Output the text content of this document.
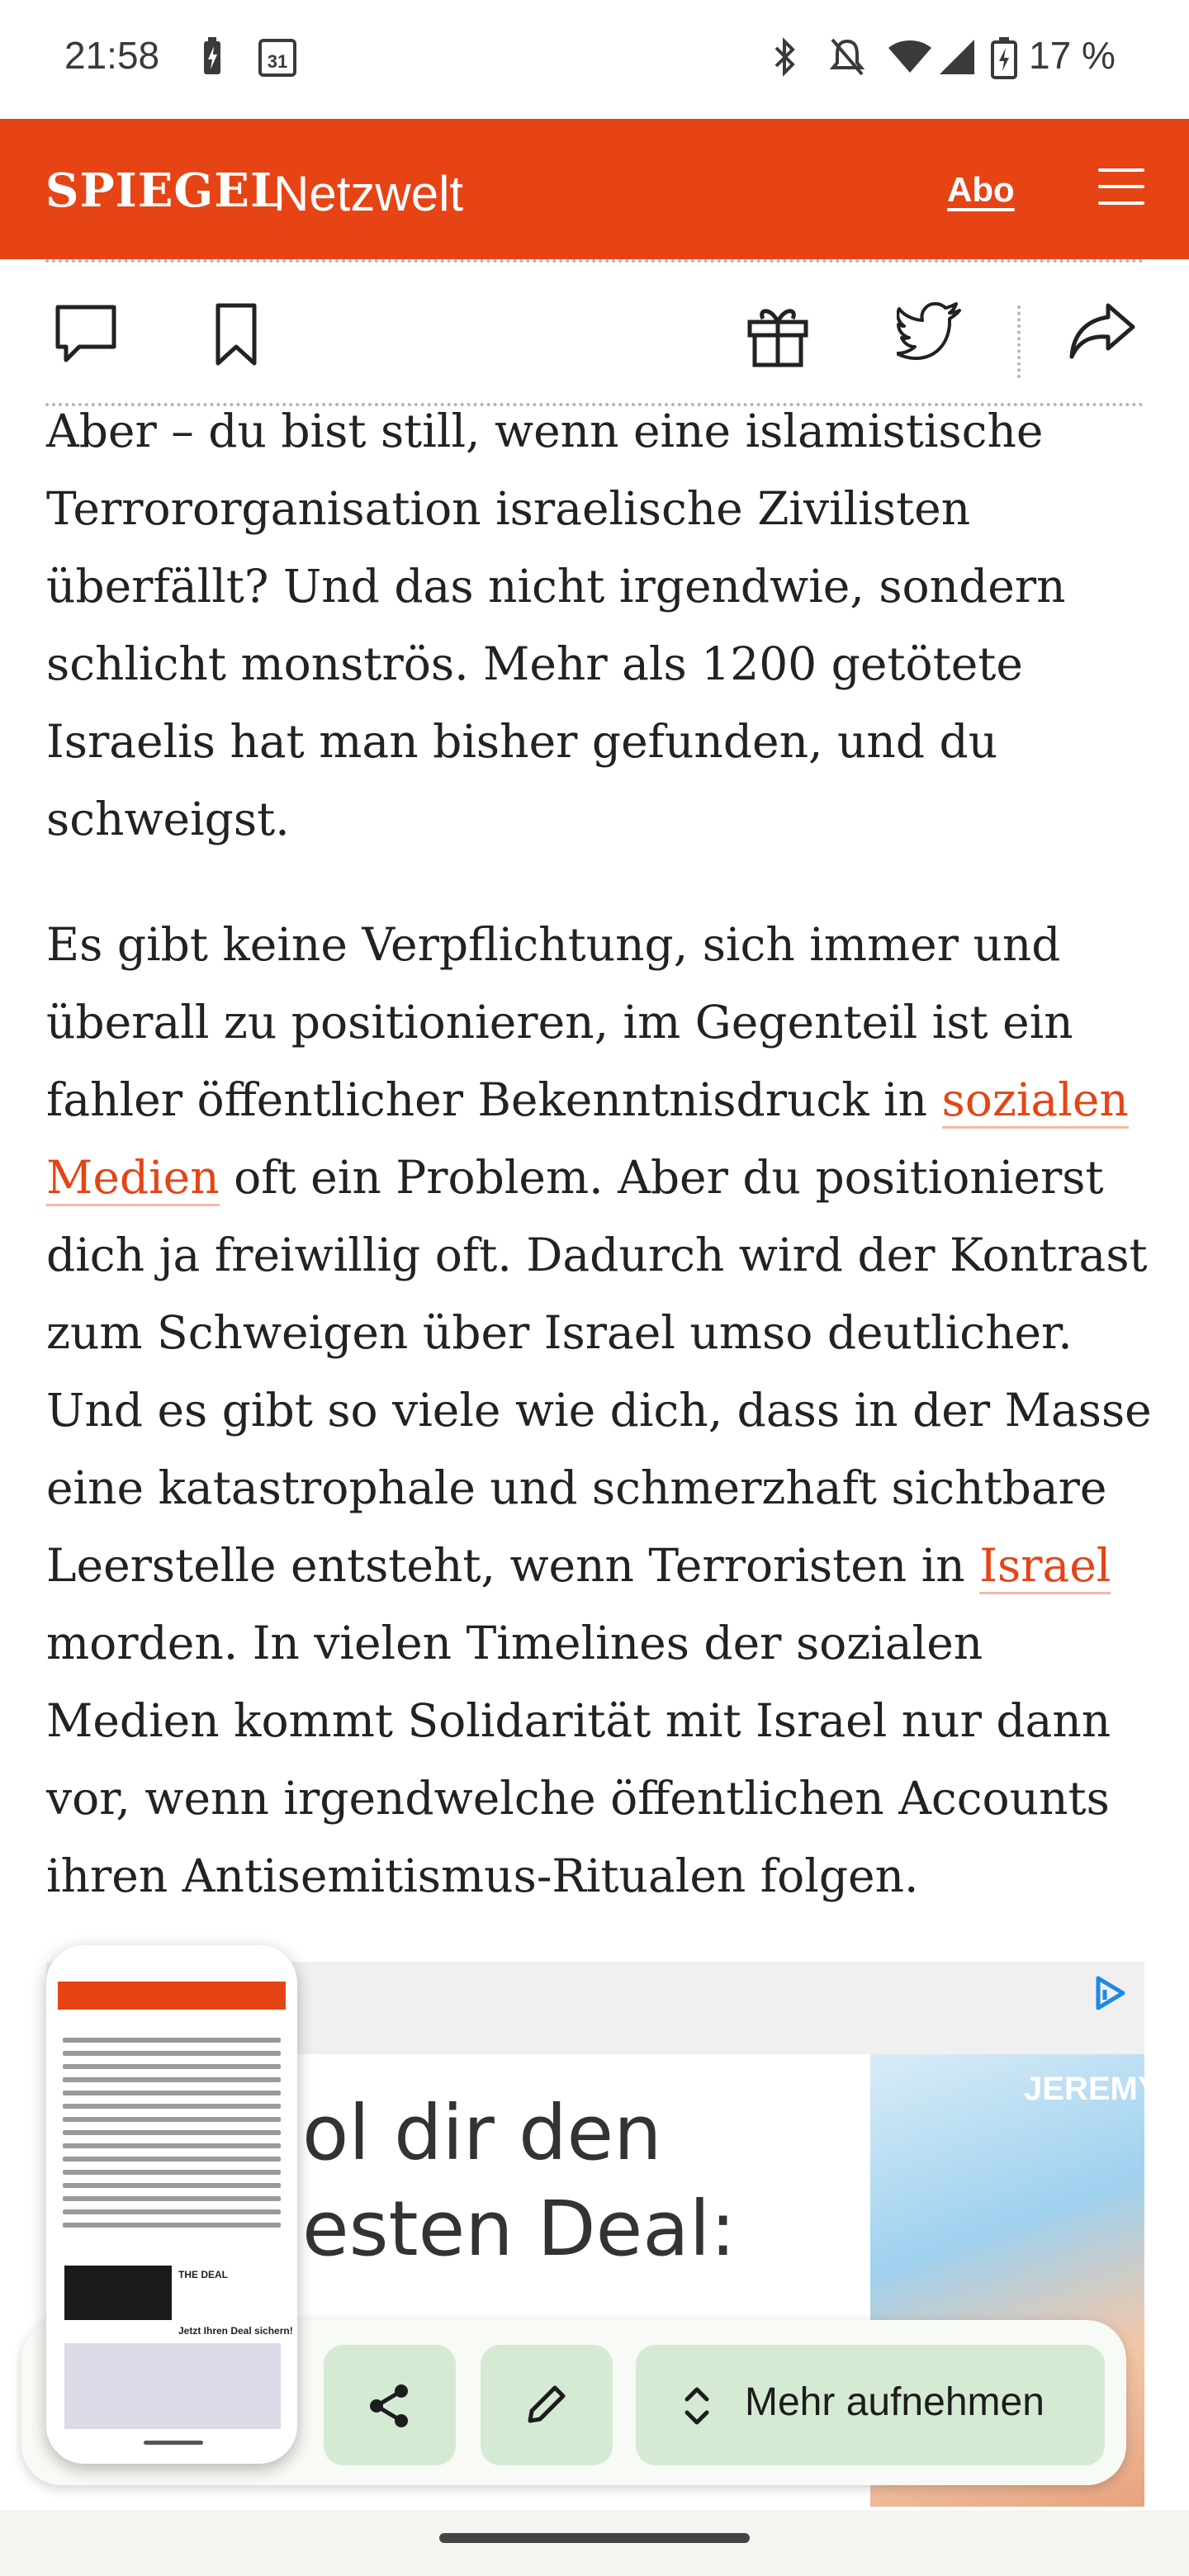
21:58	31	17 %
SPIEGEL
Netzwelt	Abo

Aber – du bist still, wenn eine islamistische Terrororganisation israelische Zivilisten überfällt? Und das nicht irgendwie, sondern schlicht monströs. Mehr als 1200 getötete Israelis hat man bisher gefunden, und du schweigst.

Es gibt keine Verpflichtung, sich immer und überall zu positionieren, im Gegenteil ist ein fahler öffentlicher Bekenntnisdruck in sozialen Medien oft ein Problem. Aber du positionierst dich ja freiwillig oft. Dadurch wird der Kontrast zum Schweigen über Israel umso deutlicher. Und es gibt so viele wie dich, dass in der Masse eine katastrophale und schmerzhaft sichtbare Leerstelle entsteht, wenn Terroristen in Israel morden. In vielen Timelines der sozialen Medien kommt Solidarität mit Israel nur dann vor, wenn irgendwelche öffentlichen Accounts ihren Antisemitismus-Ritualen folgen.

ol dir den
esten Deal:
JEREMY I
Mehr aufnehmen
THE DEAL
Jetzt Ihren Deal sichern!
